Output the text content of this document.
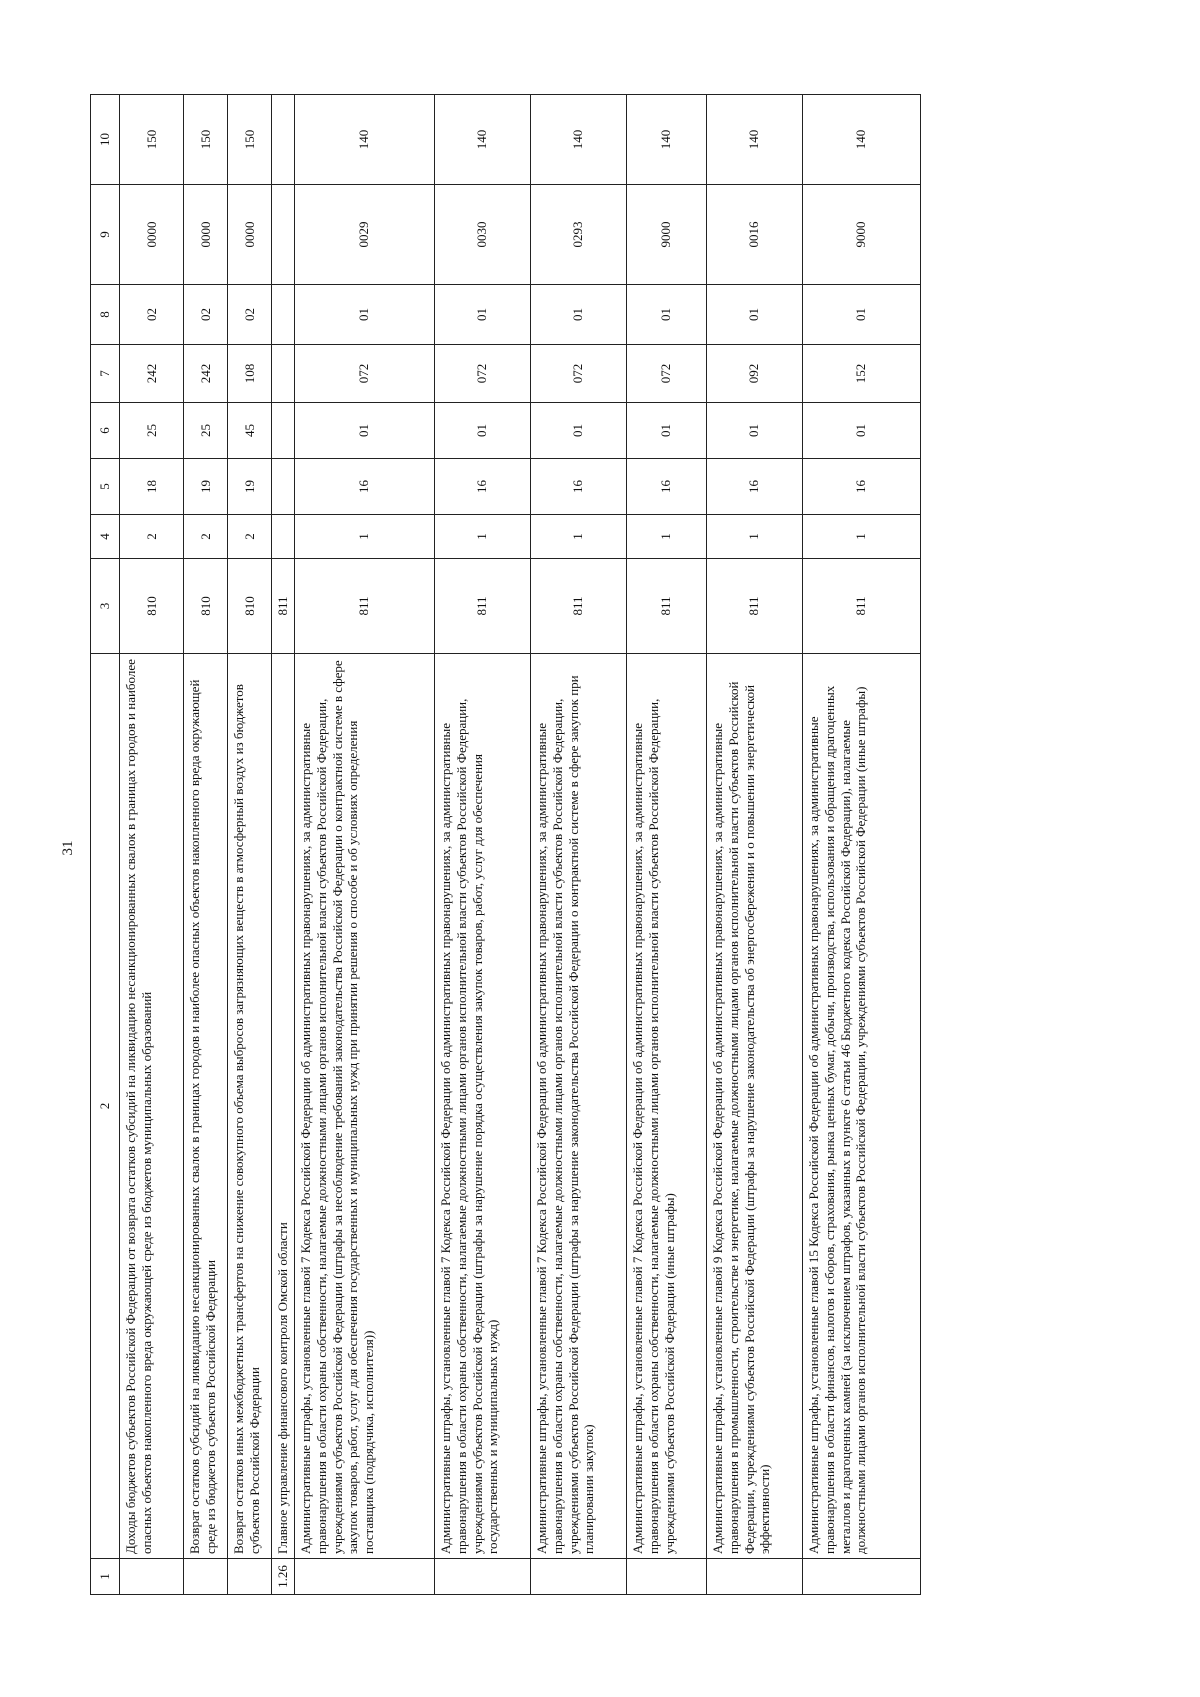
31
1	2	3	4	5	6	7	8	9	10
	Доходы бюджетов субъектов Российской Федерации от возврата остатков субсидий на ликвидацию несанкционированных свалок в границах городов и наиболее опасных объектов накопленного вреда окружающей среде из бюджетов муниципальных образований	810	2	18	25	242	02	0000	150
	Возврат остатков субсидий на ликвидацию несанкционированных свалок в границах городов и наиболее опасных объектов накопленного вреда окружающей среде из бюджетов субъектов Российской Федерации	810	2	19	25	242	02	0000	150
	Возврат остатков иных межбюджетных трансфертов на снижение совокупного объема выбросов загрязняющих веществ в атмосферный воздух из бюджетов субъектов Российской Федерации	810	2	19	45	108	02	0000	150
1.26	Главное управление финансового контроля Омской области	811							
	Административные штрафы, установленные главой 7 Кодекса Российской Федерации об административных правонарушениях, за административные правонарушения в области охраны собственности, налагаемые должностными лицами органов исполнительной власти субъектов Российской Федерации, учреждениями субъектов Российской Федерации (штрафы за несоблюдение требований законодательства Российской Федерации о контрактной системе в сфере закупок товаров, работ, услуг для обеспечения государственных и муниципальных нужд при принятии решения о способе и об условиях определения поставщика (подрядчика, исполнителя))	811	1	16	01	072	01	0029	140
	Административные штрафы, установленные главой 7 Кодекса Российской Федерации об административных правонарушениях, за административные правонарушения в области охраны собственности, налагаемые должностными лицами органов исполнительной власти субъектов Российской Федерации, учреждениями субъектов Российской Федерации (штрафы за нарушение порядка осуществления закупок товаров, работ, услуг для обеспечения государственных и муниципальных нужд)	811	1	16	01	072	01	0030	140
	Административные штрафы, установленные главой 7 Кодекса Российской Федерации об административных правонарушениях, за административные правонарушения в области охраны собственности, налагаемые должностными лицами органов исполнительной власти субъектов Российской Федерации, учреждениями субъектов Российской Федерации (штрафы за нарушение законодательства Российской Федерации о контрактной системе в сфере закупок при планировании закупок)	811	1	16	01	072	01	0293	140
	Административные штрафы, установленные главой 7 Кодекса Российской Федерации об административных правонарушениях, за административные правонарушения в области охраны собственности, налагаемые должностными лицами органов исполнительной власти субъектов Российской Федерации, учреждениями субъектов Российской Федерации (иные штрафы)	811	1	16	01	072	01	9000	140
	Административные штрафы, установленные главой 9 Кодекса Российской Федерации об административных правонарушениях, за административные правонарушения в промышленности, строительстве и энергетике, налагаемые должностными лицами органов исполнительной власти субъектов Российской Федерации, учреждениями субъектов Российской Федерации (штрафы за нарушение законодательства об энергосбережении и о повышении энергетической эффективности)	811	1	16	01	092	01	0016	140
	Административные штрафы, установленные главой 15 Кодекса Российской Федерации об административных правонарушениях, за административные правонарушения в области финансов, налогов и сборов, страхования, рынка ценных бумаг, добычи, производства, использования и обращения драгоценных металлов и драгоценных камней (за исключением штрафов, указанных в пункте 6 статьи 46 Бюджетного кодекса Российской Федерации), налагаемые должностными лицами органов исполнительной власти субъектов Российской Федерации, учреждениями субъектов Российской Федерации (иные штрафы)	811	1	16	01	152	01	9000	140
